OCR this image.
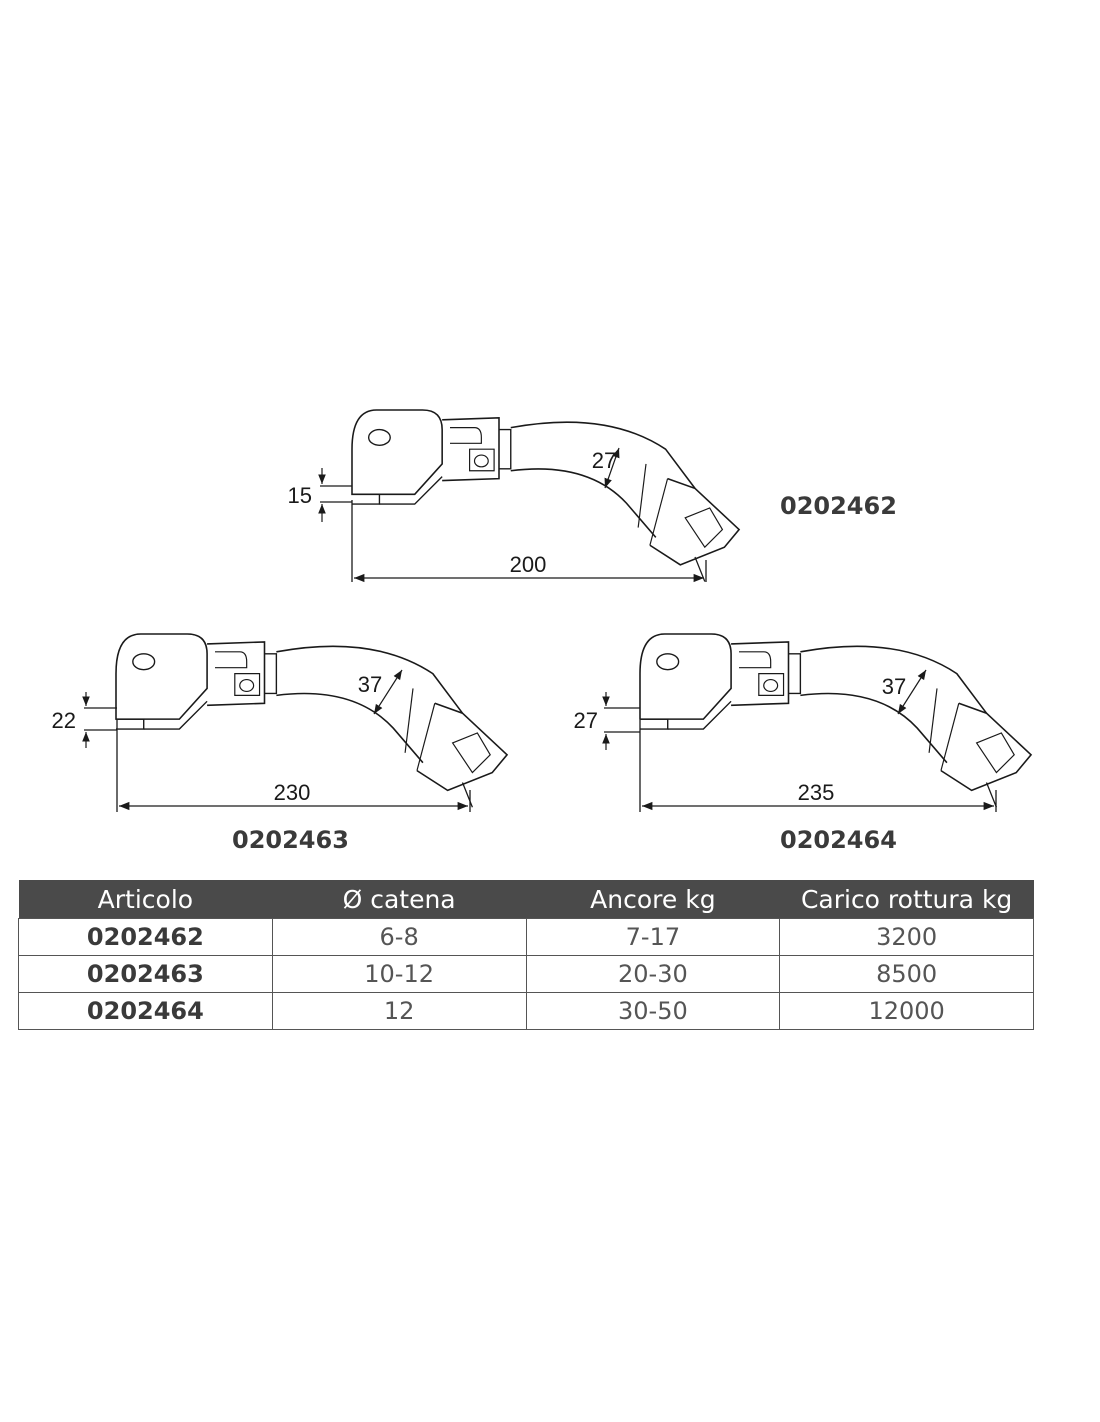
200
15
27
230
22
37
235
27
37
0202462
0202463	0202464
Articolo	Ø catena	Ancore kg	Carico rottura kg
0202462	6-8	7-17	3200
0202463	10-12	20-30	8500
0202464	12	30-50	12000
